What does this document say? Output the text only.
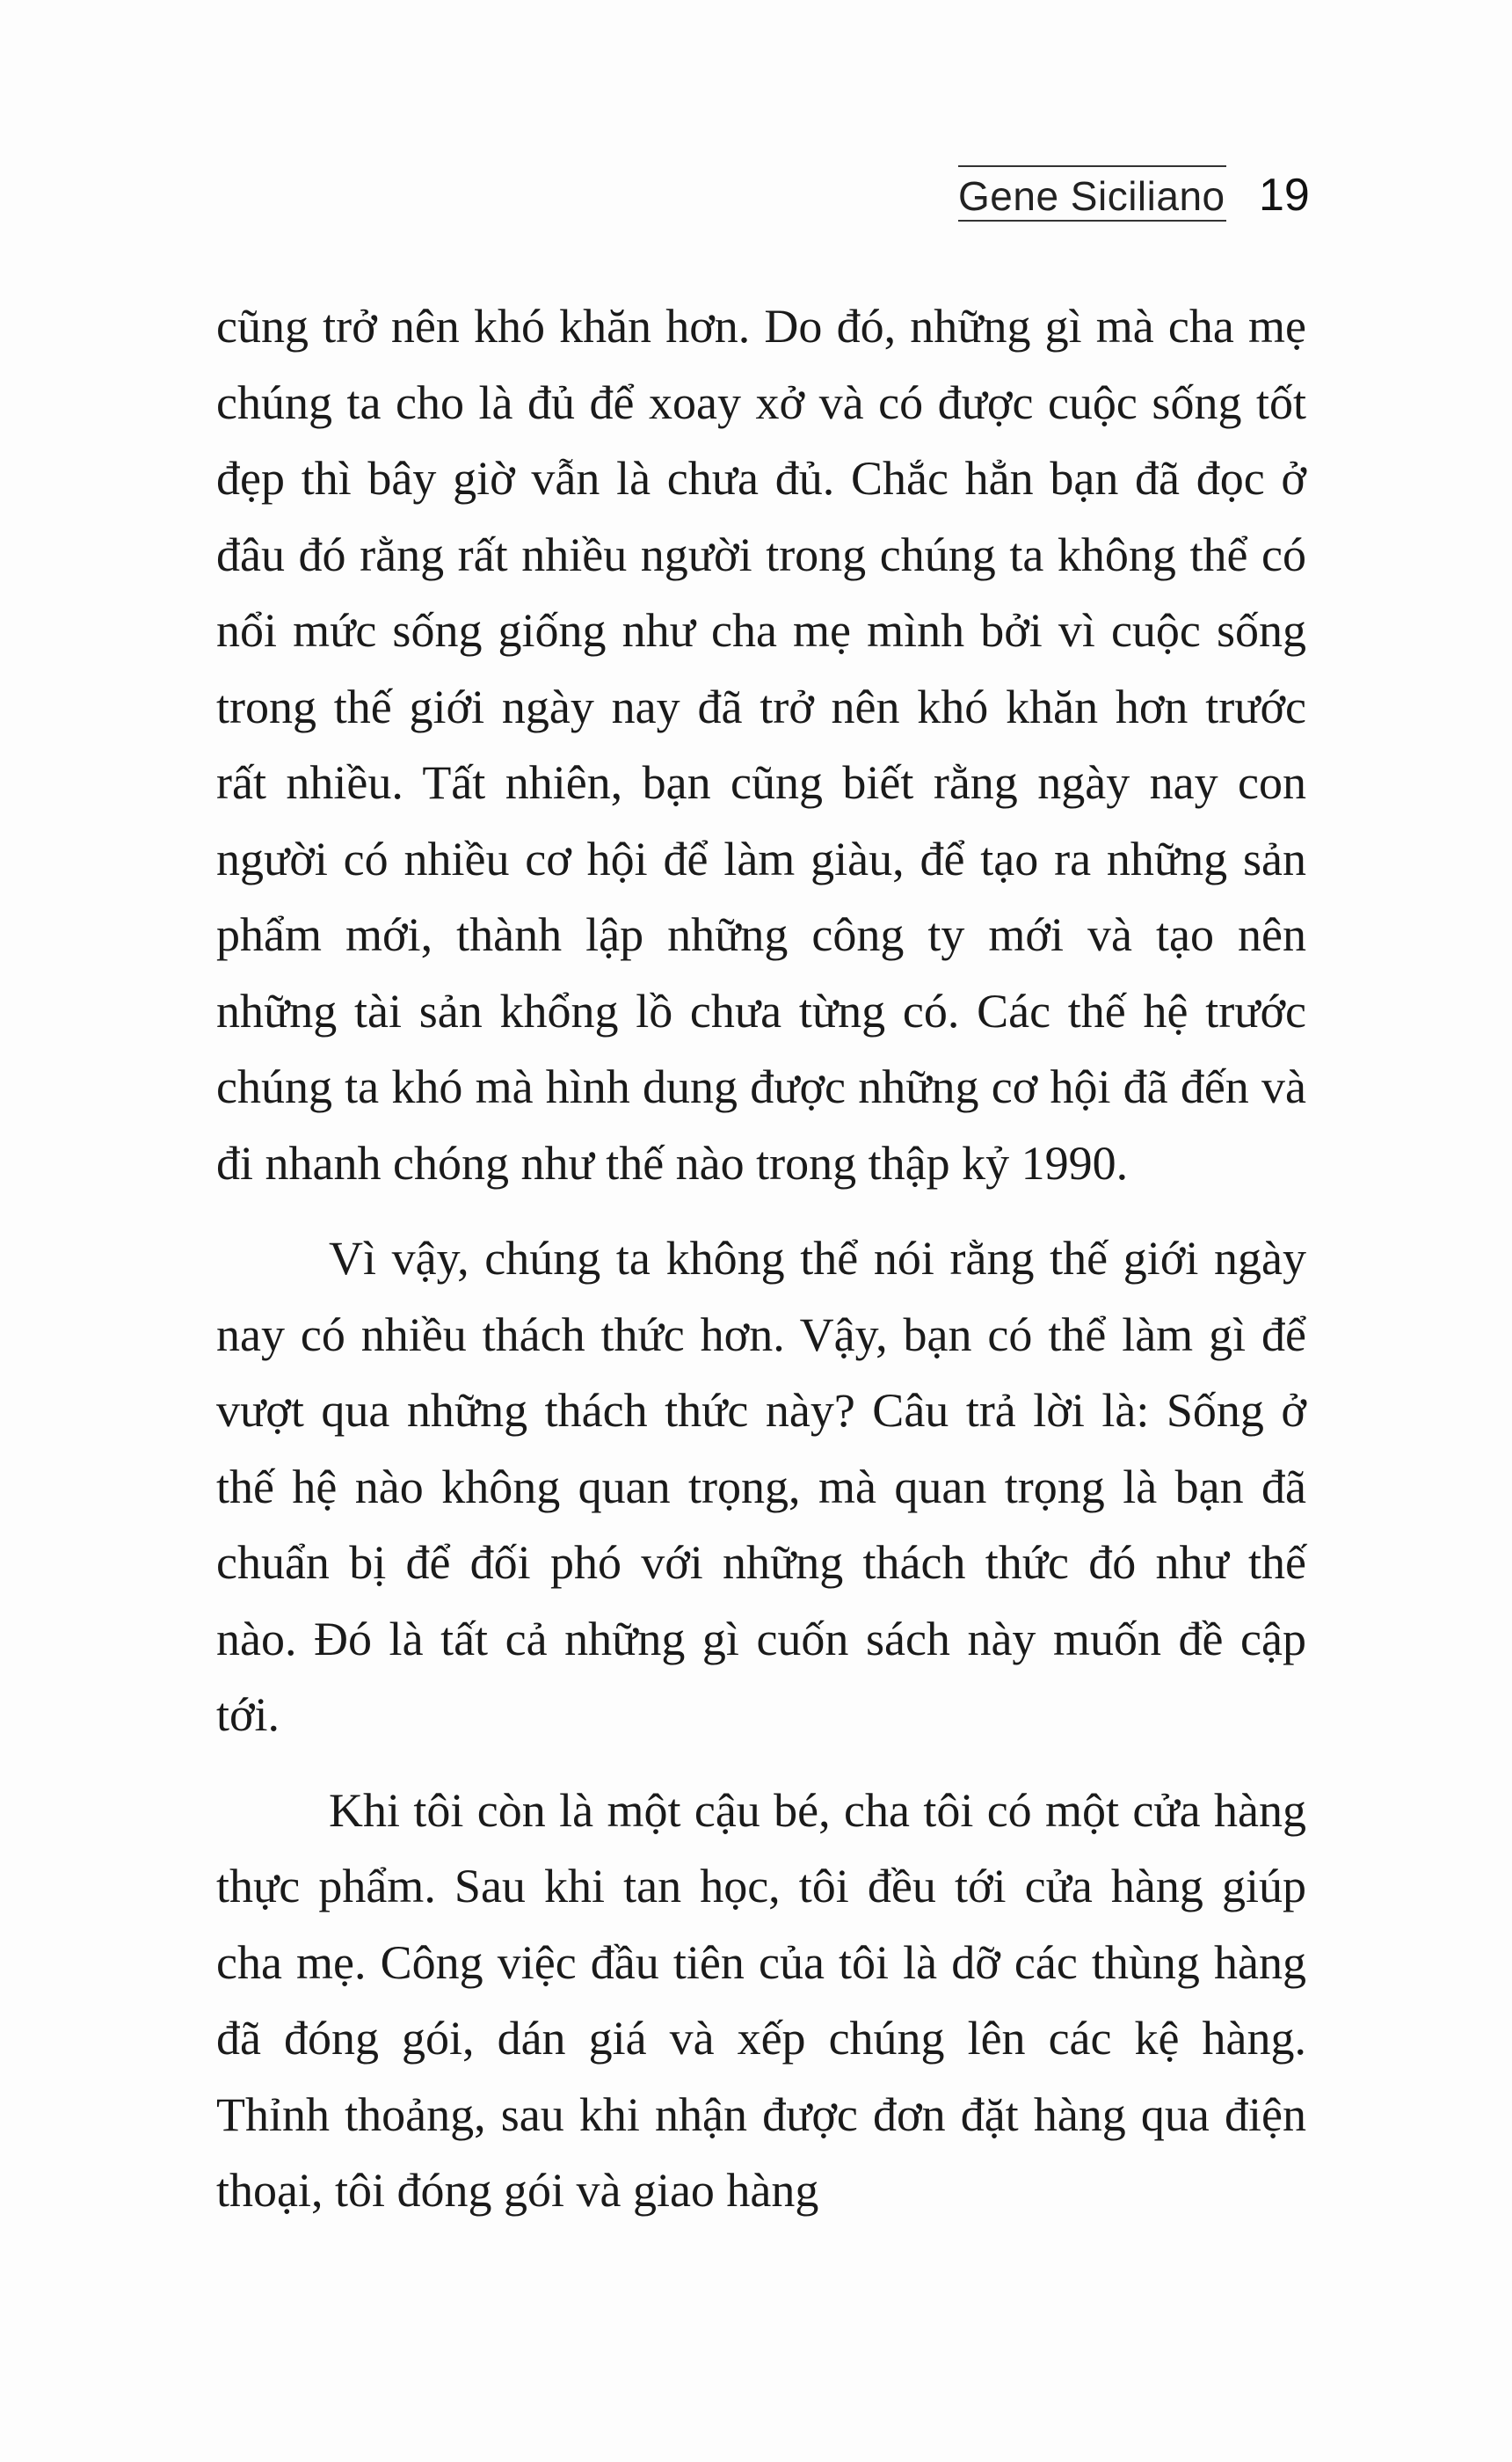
Gene Siciliano 19

cũng trở nên khó khăn hơn. Do đó, những gì mà cha mẹ chúng ta cho là đủ để xoay xở và có được cuộc sống tốt đẹp thì bây giờ vẫn là chưa đủ. Chắc hẳn bạn đã đọc ở đâu đó rằng rất nhiều người trong chúng ta không thể có nổi mức sống giống như cha mẹ mình bởi vì cuộc sống trong thế giới ngày nay đã trở nên khó khăn hơn trước rất nhiều. Tất nhiên, bạn cũng biết rằng ngày nay con người có nhiều cơ hội để làm giàu, để tạo ra những sản phẩm mới, thành lập những công ty mới và tạo nên những tài sản khổng lồ chưa từng có. Các thế hệ trước chúng ta khó mà hình dung được những cơ hội đã đến và đi nhanh chóng như thế nào trong thập kỷ 1990.

Vì vậy, chúng ta không thể nói rằng thế giới ngày nay có nhiều thách thức hơn. Vậy, bạn có thể làm gì để vượt qua những thách thức này? Câu trả lời là: Sống ở thế hệ nào không quan trọng, mà quan trọng là bạn đã chuẩn bị để đối phó với những thách thức đó như thế nào. Đó là tất cả những gì cuốn sách này muốn đề cập tới.

Khi tôi còn là một cậu bé, cha tôi có một cửa hàng thực phẩm. Sau khi tan học, tôi đều tới cửa hàng giúp cha mẹ. Công việc đầu tiên của tôi là dỡ các thùng hàng đã đóng gói, dán giá và xếp chúng lên các kệ hàng. Thỉnh thoảng, sau khi nhận được đơn đặt hàng qua điện thoại, tôi đóng gói và giao hàng
